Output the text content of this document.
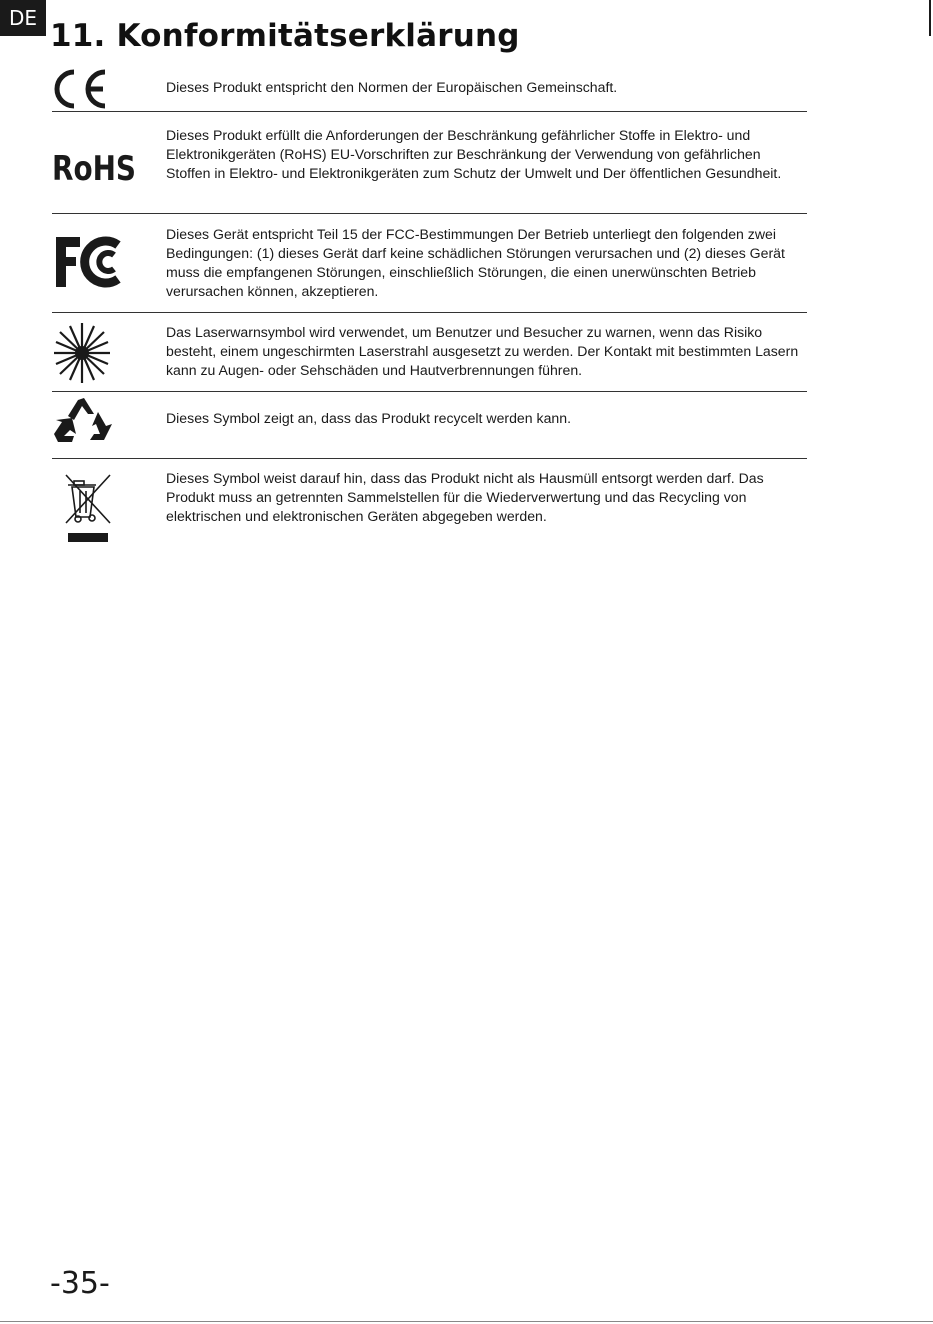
DE 11. Konformitätserklärung
Dieses Produkt entspricht den Normen der Europäischen Gemeinschaft.
RoHS
Dieses Produkt erfüllt die Anforderungen der Beschränkung gefährlicher Stoffe in Elektro- und Elektronikgeräten (RoHS) EU-Vorschriften zur Beschränkung der Verwendung von gefährlichen Stoffen in Elektro- und Elektronikgeräten zum Schutz der Umwelt und Der öffentlichen Gesundheit.
Dieses Gerät entspricht Teil 15 der FCC-Bestimmungen Der Betrieb unterliegt den folgenden zwei Bedingungen: (1) dieses Gerät darf keine schädlichen Störungen verursachen und (2) dieses Gerät muss die empfangenen Störungen, einschließlich Störungen, die einen unerwünschten Betrieb verursachen können, akzeptieren.
Das Laserwarnsymbol wird verwendet, um Benutzer und Besucher zu warnen, wenn das Risiko besteht, einem ungeschirmten Laserstrahl ausgesetzt zu werden. Der Kontakt mit bestimmten Lasern kann zu Augen- oder Sehschäden und Hautverbrennungen führen.
Dieses Symbol zeigt an, dass das Produkt recycelt werden kann.
Dieses Symbol weist darauf hin, dass das Produkt nicht als Hausmüll entsorgt werden darf. Das Produkt muss an getrennten Sammelstellen für die Wiederverwertung und das Recycling von elektrischen und elektronischen Geräten abgegeben werden.
-35-
